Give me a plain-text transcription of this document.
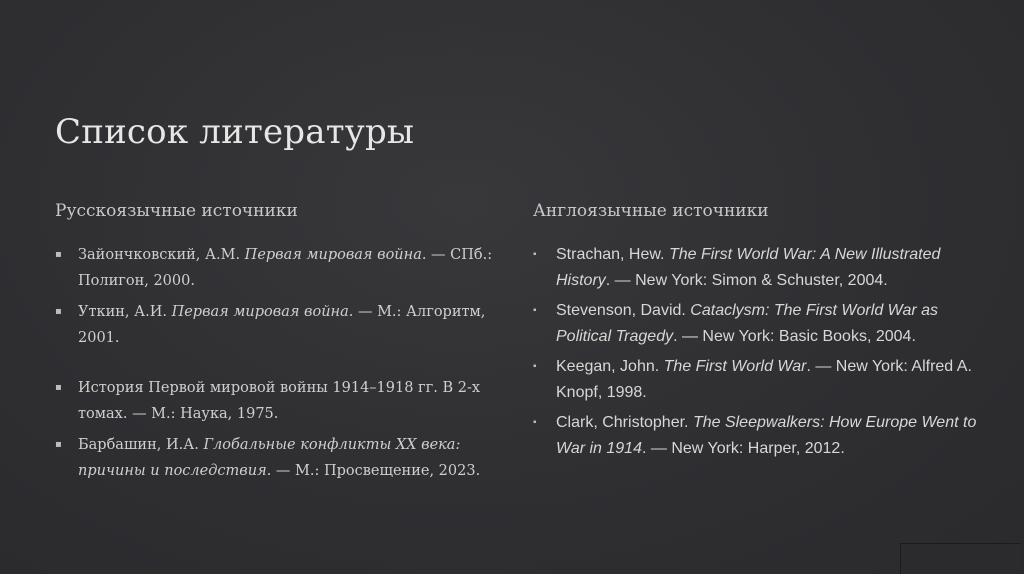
Список литературы
Русскоязычные источники
▪ Зайончковский, А.М. Первая мировая война. — СПб.: Полигон, 2000.
▪ Уткин, А.И. Первая мировая война. — М.: Алгоритм, 2001.
▪ История Первой мировой войны 1914–1918 гг. В 2-х томах. — М.: Наука, 1975.
▪ Барбашин, И.А. Глобальные конфликты XX века: причины и последствия. — М.: Просвещение, 2023.
Англоязычные источники
▪ Strachan, Hew. The First World War: A New Illustrated History. — New York: Simon & Schuster, 2004.
▪ Stevenson, David. Cataclysm: The First World War as Political Tragedy. — New York: Basic Books, 2004.
▪ Keegan, John. The First World War. — New York: Alfred A. Knopf, 1998.
▪ Clark, Christopher. The Sleepwalkers: How Europe Went to War in 1914. — New York: Harper, 2012.
